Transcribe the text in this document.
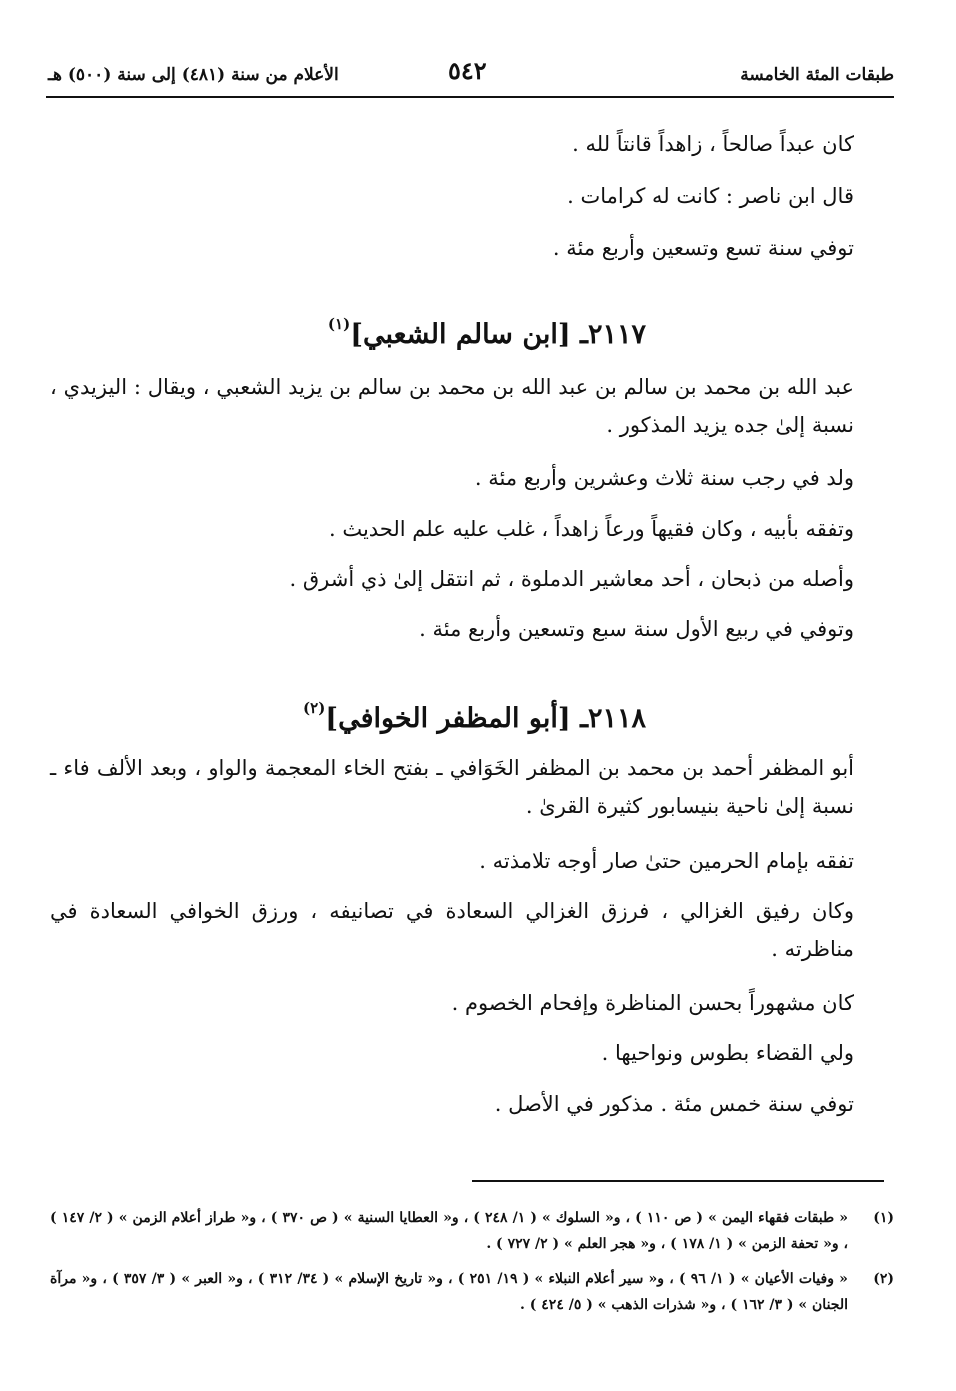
طبقات المئة الخامسة
٥٤٢
الأعلام من سنة (٤٨١) إلى سنة (٥٠٠) هـ
كان عبداً صالحاً ، زاهداً قانتاً لله .
قال ابن ناصر : كانت له كرامات .
توفي سنة تسع وتسعين وأربع مئة .
٢١١٧ـ [ابن سالم الشعبي]$^{(١)}$
عبد الله بن محمد بن سالم بن عبد الله بن محمد بن سالم بن يزيد الشعبي ، ويقال : اليزيدي ، نسبة إلىٰ جده يزيد المذكور .
ولد في رجب سنة ثلاث وعشرين وأربع مئة .
وتفقه بأبيه ، وكان فقيهاً ورعاً زاهداً ، غلب عليه علم الحديث .
وأصله من ذبحان ، أحد معاشير الدملوة ، ثم انتقل إلىٰ ذي أشرق .
وتوفي في ربيع الأول سنة سبع وتسعين وأربع مئة .
٢١١٨ـ [أبو المظفر الخوافي]$^{(٢)}$
أبو المظفر أحمد بن محمد بن المظفر الخَوَافي ـ بفتح الخاء المعجمة والواو ، وبعد الألف فاء ـ نسبة إلىٰ ناحية بنيسابور كثيرة القرىٰ .
تفقه بإمام الحرمين حتىٰ صار أوجه تلامذته .
وكان رفيق الغزالي ، فرزق الغزالي السعادة في تصانيفه ، ورزق الخوافي السعادة في مناظرته .
كان مشهوراً بحسن المناظرة وإفحام الخصوم .
ولي القضاء بطوس ونواحيها .
توفي سنة خمس مئة . مذكور في الأصل .
(١)
« طبقات فقهاء اليمن » ( ص ١١٠ ) ، و« السلوك » ( ١/ ٢٤٨ ) ، و« العطايا السنية » ( ص ٣٧٠ ) ، و« طراز أعلام الزمن » ( ٢/ ١٤٧ ) ، و« تحفة الزمن » ( ١/ ١٧٨ ) ، و« هجر العلم » ( ٢/ ٧٢٧ ) .
(٢)
« وفيات الأعيان » ( ١/ ٩٦ ) ، و« سير أعلام النبلاء » ( ١٩/ ٢٥١ ) ، و« تاريخ الإسلام » ( ٣٤/ ٣١٢ ) ، و« العبر » ( ٣/ ٣٥٧ ) ، و« مرآة الجنان » ( ٣/ ١٦٢ ) ، و« شذرات الذهب » ( ٥/ ٤٢٤ ) .
